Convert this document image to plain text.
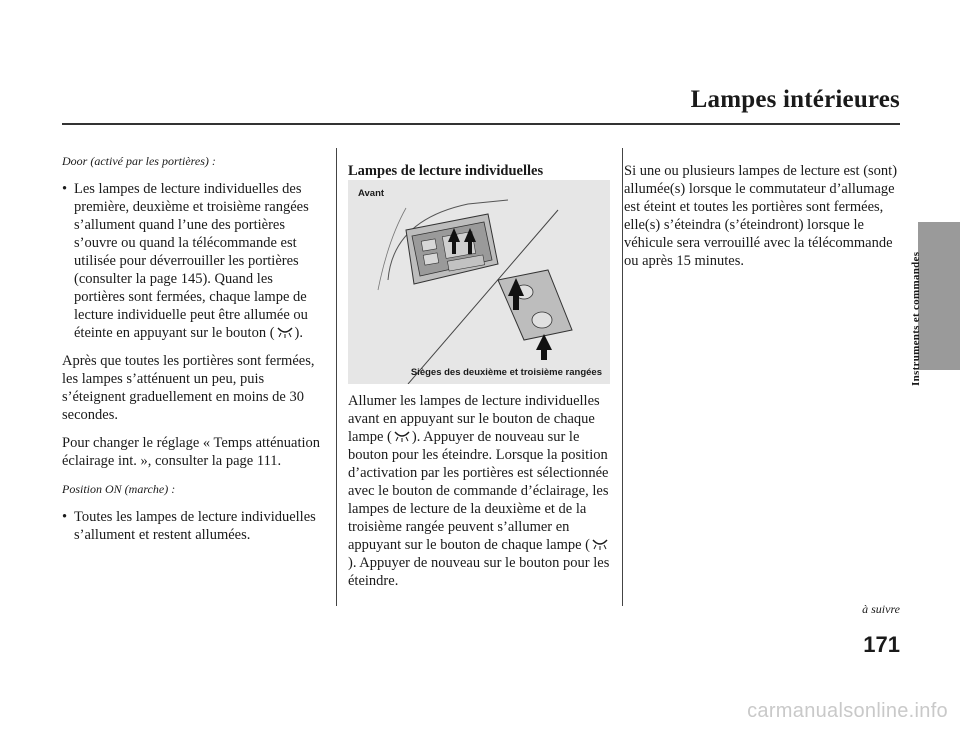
Lampes intérieures
Instruments et commandes
Door (activé par les portières) :
• Les lampes de lecture individuelles des
première, deuxième et troisième rangées
s’allument quand l’une des portières
s’ouvre ou quand la télécommande est
utilisée pour déverrouiller les portières
(consulter la page 145). Quand les
portières sont fermées, chaque lampe de
lecture individuelle peut être allumée ou
éteinte en appuyant sur le bouton ( ).

Après que toutes les portières sont fermées, les lampes s’atténuent un peu, puis s’éteignent graduellement en moins de 30 secondes.

Pour changer le réglage « Temps atténuation éclairage int. », consulter la page 111.

Position ON (marche) :
• Toutes les lampes de lecture individuelles
s’allument et restent allumées.
Lampes de lecture individuelles
Avant
Sièges des deuxième et troisième rangées

Allumer les lampes de lecture individuelles avant en appuyant sur le bouton de chaque lampe ( ). Appuyer de nouveau sur le bouton pour les éteindre. Lorsque la position d’activation par les portières est sélectionnée avec le bouton de commande d’éclairage, les lampes de lecture de la deuxième et de la troisième rangée peuvent s’allumer en appuyant sur le bouton de chaque lampe (). Appuyer de nouveau sur le bouton pour les éteindre.

Si une ou plusieurs lampes de lecture est (sont) allumée(s) lorsque le commutateur d’allumage est éteint et toutes les portières sont fermées, elle(s) s’éteindra (s’éteindront) lorsque le véhicule sera verrouillé avec la télécommande ou après 15 minutes.

à suivre
171
carmanualsonline.info
